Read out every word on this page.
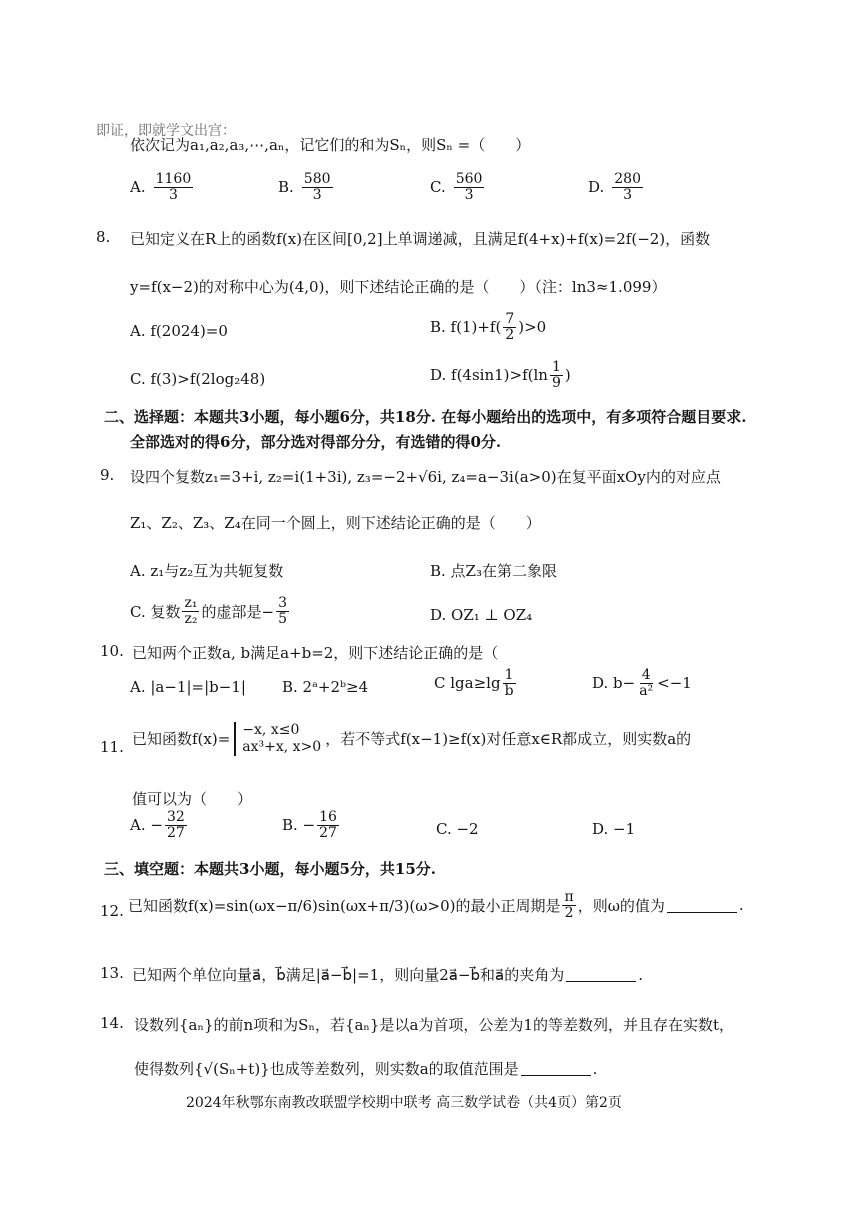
即证，即就学文出宫：
依次记为a₁,a₂,a₃,⋯,aₙ，记它们的和为Sₙ，则Sₙ =（　　）
A. $\frac{1160}{3}$	B. $\frac{580}{3}$	C. $\frac{560}{3}$	D. $\frac{280}{3}$
8. 已知定义在R上的函数f(x)在区间[0,2]上单调递减，且满足f(4+x)+f(x)=2f(−2)，函数
y=f(x−2)的对称中心为(4,0)，则下述结论正确的是（　　）（注：ln3≈1.099）
A. f(2024)=0	B. $f(1)+f( \frac{7}{2} )>0$
C. f(3)>f(2log₂48)	D. $f(4\sin 1)>f(\ln \frac{1}{9}$ )
二、选择题：本题共3小题，每小题6分，共18分. 在每小题给出的选项中，有多项符合题目要求.
全部选对的得6分，部分选对得部分分，有选错的得0分.
9. 设四个复数z₁=3+i, z₂=i(1+3i), z₃=−2+√6i, z₄=a−3i(a>0)在复平面xOy内的对应点
Z₁、Z₂、Z₃、Z₄在同一个圆上，则下述结论正确的是（　　）
A. z₁与z₂互为共轭复数	B. 点Z₃在第二象限
C. 复数 $\frac{\text{z₁}}{\text{z₂}}$ 的虚部是− $\frac{3}{5}$	D. OZ₁ ⊥ OZ₄
10. 已知两个正数a, b满足a+b=2，则下述结论正确的是（
A. |a−1|=|b−1| B. 2ᵃ+2ᵇ≥4	C $\lg a\ge\lg \frac{1}{b}$	D. $b- \frac{4}{\text{a²}} <-1$
11. 已知函数f(x)=
−x, x≤0
ax³+x, x>0 ，若不等式f(x−1)≥f(x)对任意x∈R都成立，则实数a的
值可以为（　　）
A. − $\frac{32}{27}$	B. − $\frac{16}{27}$	C. −2	D. −1
三、填空题：本题共3小题，每小题5分，共15分.
12. 已知函数f(x)=sin(ωx−π/6)sin(ωx+π/3)(ω>0)的最小正周期是 $\frac{\pi}{2}$ ，则ω的值为	.
13. 已知两个单位向量a⃗，b⃗满足|a⃗−b⃗|=1，则向量2a⃗−b⃗和a⃗的夹角为	.
14. 设数列{aₙ}的前n项和为Sₙ，若{aₙ}是以a为首项，公差为1的等差数列，并且存在实数t，
使得数列{√(Sₙ+t)}也成等差数列，则实数a的取值范围是	.
2024年秋鄂东南教改联盟学校期中联考 高三数学试卷（共4页）第2页
